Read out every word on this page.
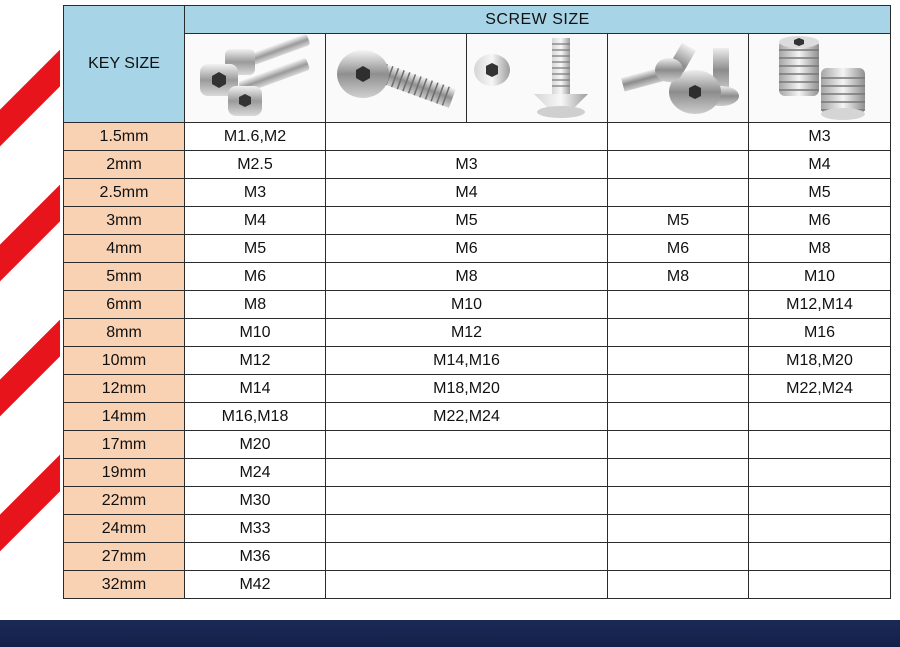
KEY SIZE	SCREW SIZE				

1.5mm	M1.6,M2				M3
2mm	M2.5	M3			M4
2.5mm	M3	M4			M5
3mm	M4	M5		M5	M6
4mm	M5	M6		M6	M8
5mm	M6	M8		M8	M10
6mm	M8	M10			M12,M14
8mm	M10	M12			M16
10mm	M12	M14,M16			M18,M20
12mm	M14	M18,M20			M22,M24
14mm	M16,M18	M22,M24			
17mm	M20				
19mm	M24				
22mm	M30				
24mm	M33				
27mm	M36				
32mm	M42				
